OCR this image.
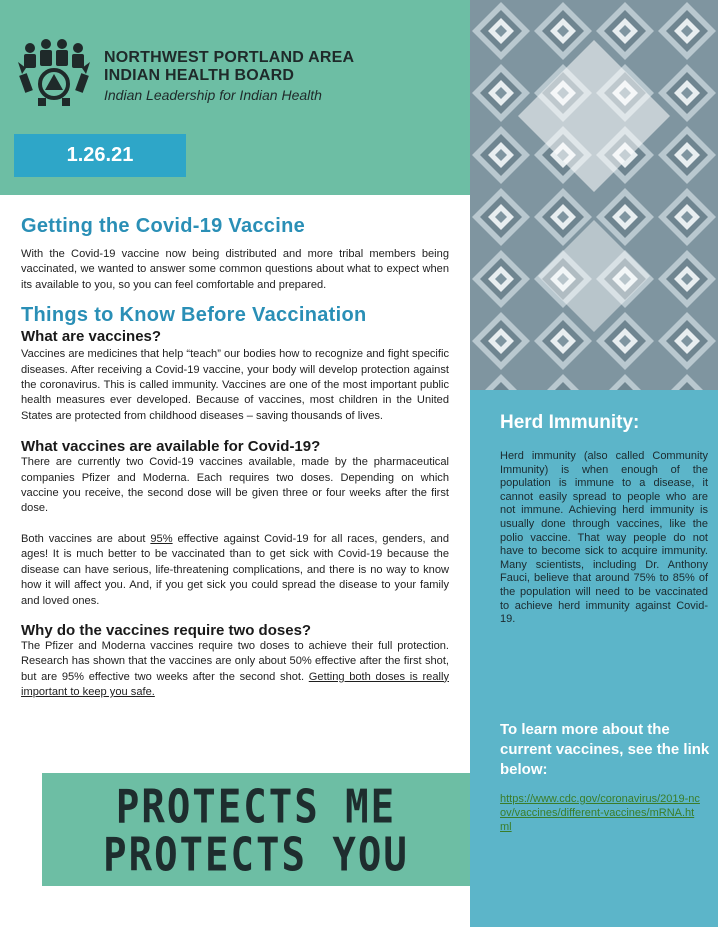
NORTHWEST PORTLAND AREA
INDIAN HEALTH BOARD
Indian Leadership for Indian Health
1.26.21
Herd Immunity:
Herd immunity (also called Community Immunity) is when enough of the population is immune to a disease, it cannot easily spread to people who are not immune. Achieving herd immunity is usually done through vaccines, like the polio vaccine. That way people do not have to become sick to acquire immunity. Many scientists, including Dr. Anthony Fauci, believe that around 75% to 85% of the population will need to be vaccinated to achieve herd immunity against Covid-19.
To learn more about the current vaccines, see the link below:
https://www.cdc.gov/coronavirus/2019-ncov/vaccines/different-vaccines/mRNA.html
Getting the Covid-19 Vaccine

With the Covid-19 vaccine now being distributed and more tribal members being vaccinated, we wanted to answer some common questions about what to expect when its available to you, so you can feel comfortable and prepared.

Things to Know Before Vaccination
What are vaccines?

Vaccines are medicines that help “teach” our bodies how to recognize and fight specific diseases. After receiving a Covid-19 vaccine, your body will develop protection against the coronavirus. This is called immunity. Vaccines are one of the most important public health measures ever developed. Because of vaccines, most children in the United States are protected from childhood diseases – saving thousands of lives.

What vaccines are available for Covid-19?

There are currently two Covid-19 vaccines available, made by the pharmaceutical companies Pfizer and Moderna. Each requires two doses. Depending on which vaccine you receive, the second dose will be given three or four weeks after the first dose.

Both vaccines are about 95% effective against Covid-19 for all races, genders, and ages! It is much better to be vaccinated than to get sick with Covid-19 because the disease can have serious, life-threatening complications, and there is no way to know how it will affect you. And, if you get sick you could spread the disease to your family and loved ones.

Why do the vaccines require two doses?

The Pfizer and Moderna vaccines require two doses to achieve their full protection. Research has shown that the vaccines are only about 50% effective after the first shot, but are 95% effective two weeks after the second shot. Getting both doses is really important to keep you safe.

PROTECTS ME
PROTECTS YOU
